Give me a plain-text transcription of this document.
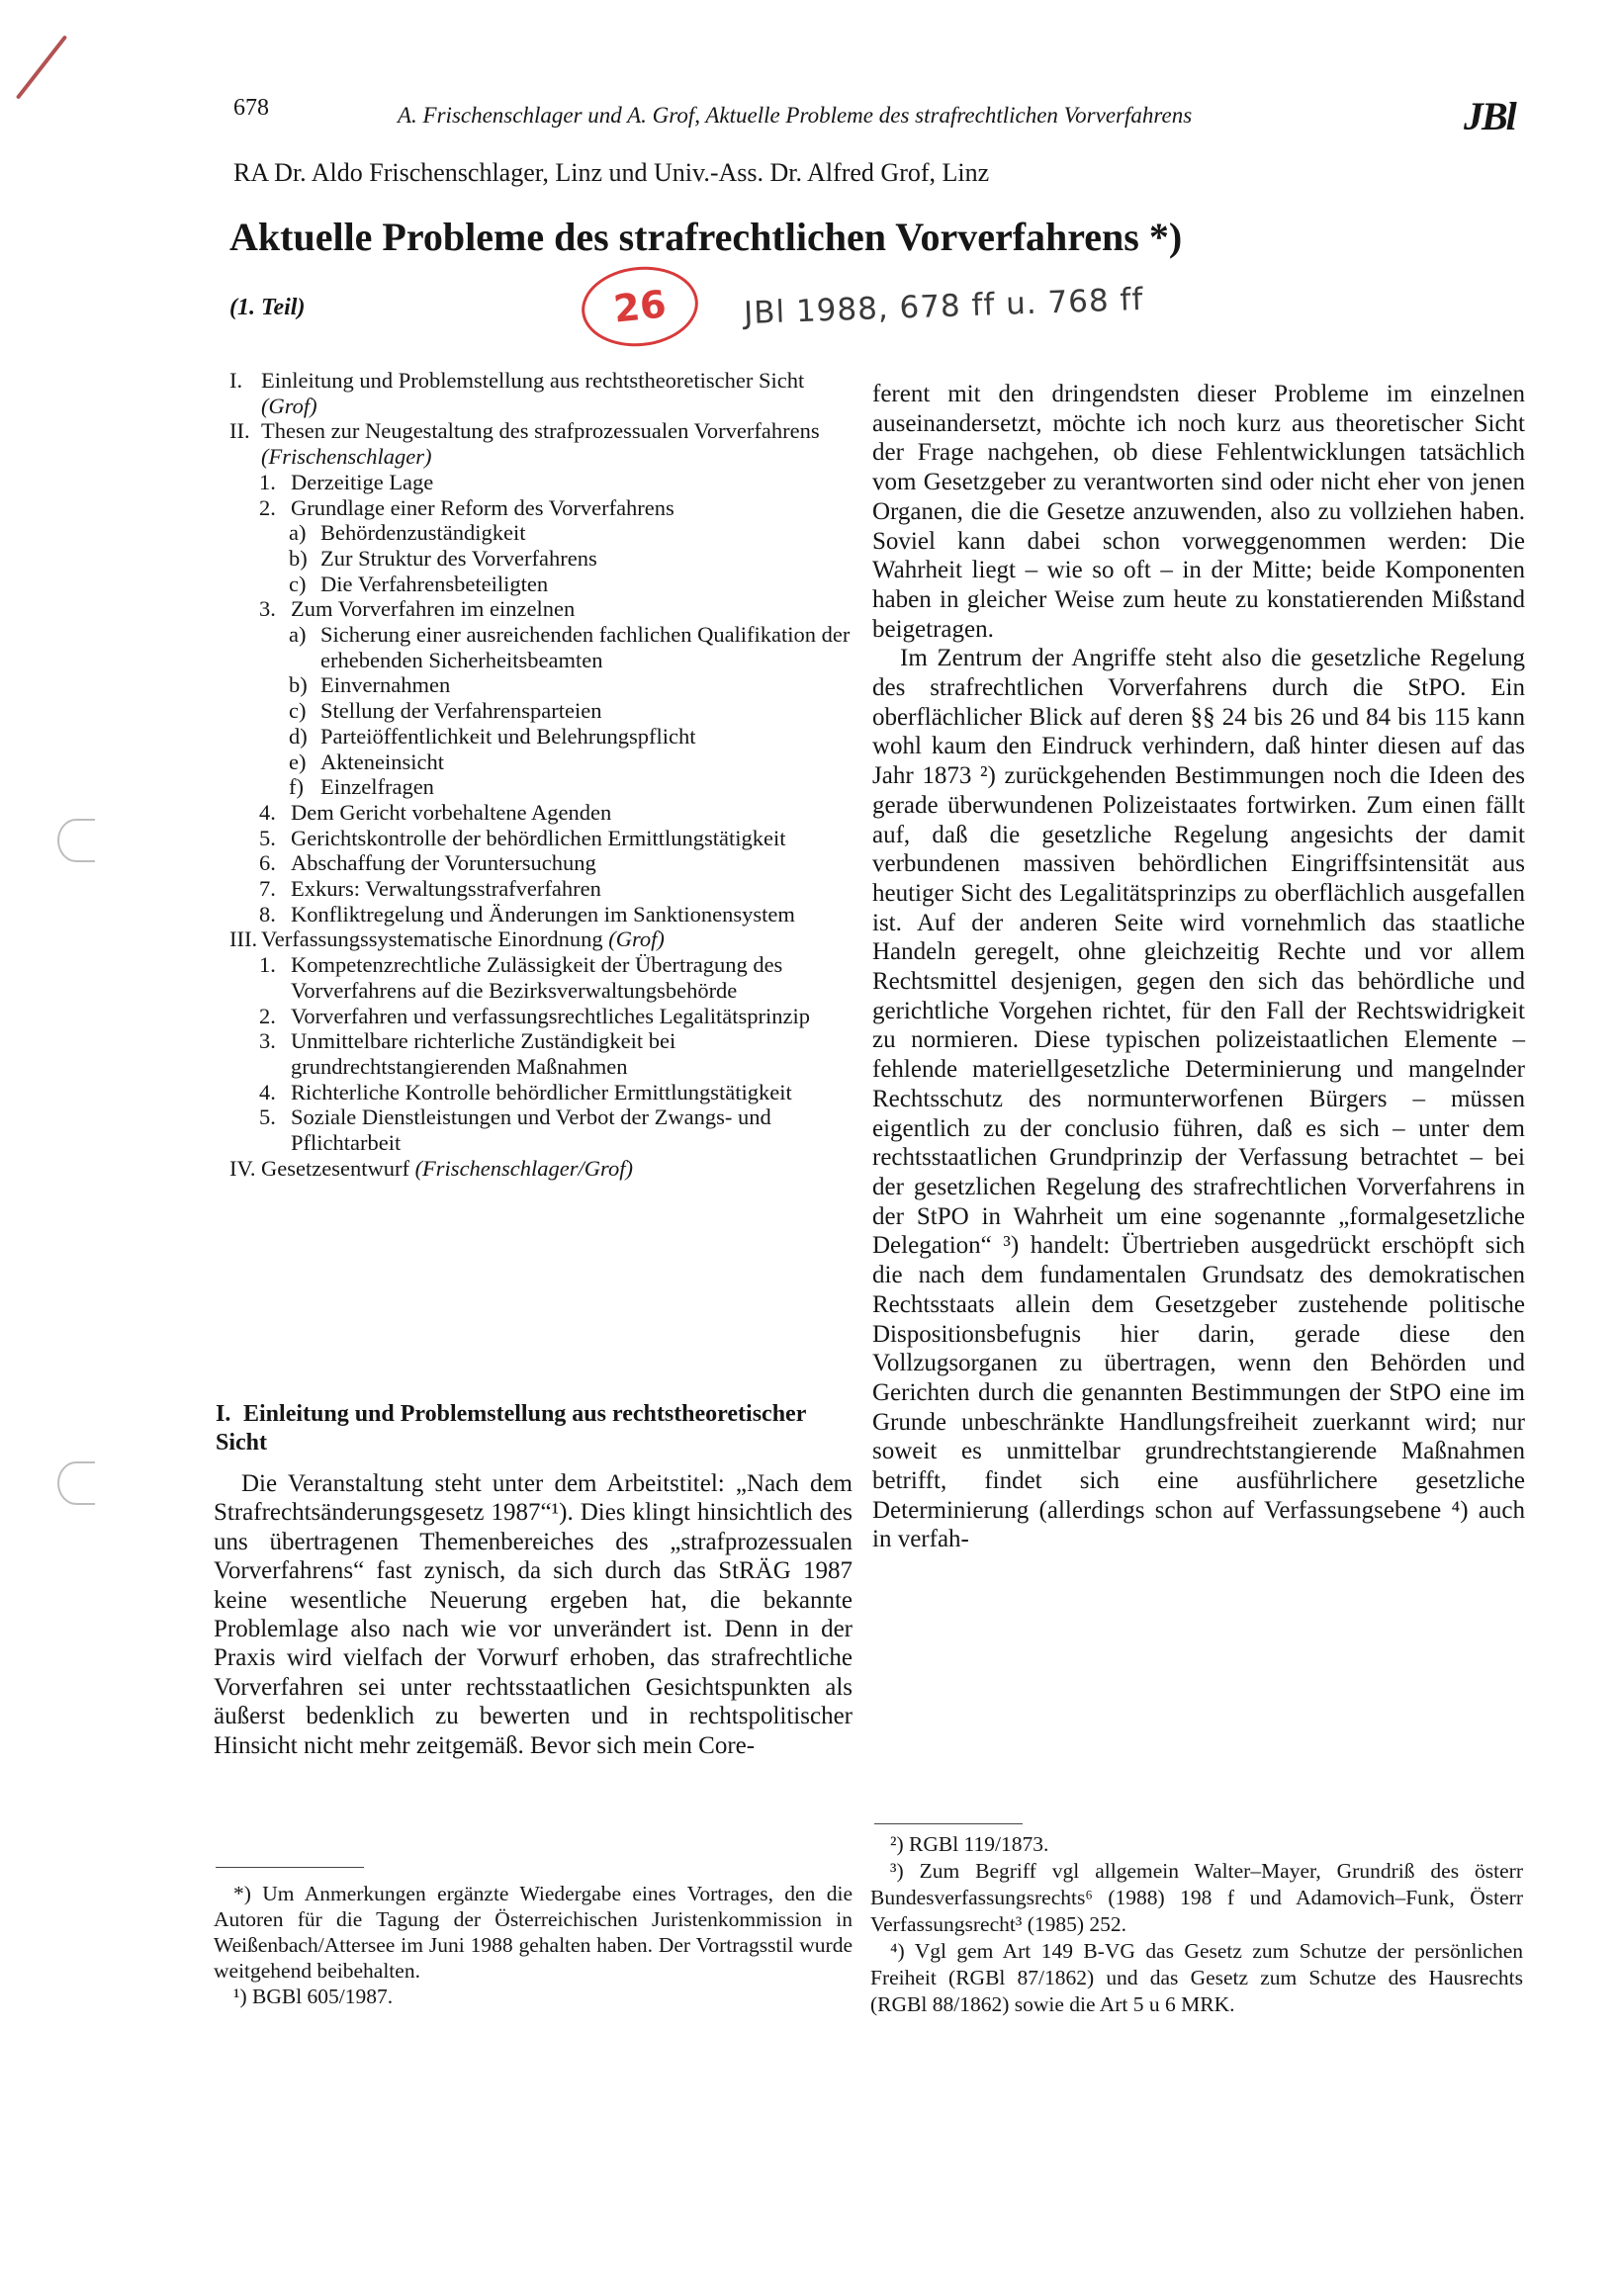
678	A. Frischenschlager und A. Grof, Aktuelle Probleme des strafrechtlichen Vorverfahrens	JBl
RA Dr. Aldo Frischenschlager, Linz und Univ.-Ass. Dr. Alfred Grof, Linz
Aktuelle Probleme des strafrechtlichen Vorverfahrens *)
(1. Teil)	26	JBl 1988, 678 ff u. 768 ff
I. Einleitung und Problemstellung aus rechtstheoretischer Sicht (Grof)
II. Thesen zur Neugestaltung des strafprozessualen Vorverfahrens (Frischenschlager)
1. Derzeitige Lage
2. Grundlage einer Reform des Vorverfahrens
a) Behördenzuständigkeit
b) Zur Struktur des Vorverfahrens
c) Die Verfahrensbeteiligten
3. Zum Vorverfahren im einzelnen
a) Sicherung einer ausreichenden fachlichen Qualifikation der erhebenden Sicherheitsbeamten
b) Einvernahmen
c) Stellung der Verfahrensparteien
d) Parteiöffentlichkeit und Belehrungspflicht
e) Akteneinsicht
f) Einzelfragen
4. Dem Gericht vorbehaltene Agenden
5. Gerichtskontrolle der behördlichen Ermittlungstätigkeit
6. Abschaffung der Voruntersuchung
7. Exkurs: Verwaltungsstrafverfahren
8. Konfliktregelung und Änderungen im Sanktionensystem
III. Verfassungssystematische Einordnung (Grof)
1. Kompetenzrechtliche Zulässigkeit der Übertragung des Vorverfahrens auf die Bezirksverwaltungsbehörde
2. Vorverfahren und verfassungsrechtliches Legalitätsprinzip
3. Unmittelbare richterliche Zuständigkeit bei grundrechtstangierenden Maßnahmen
4. Richterliche Kontrolle behördlicher Ermittlungstätigkeit
5. Soziale Dienstleistungen und Verbot der Zwangs- und Pflichtarbeit
IV. Gesetzesentwurf (Frischenschlager/Grof)
I. Einleitung und Problemstellung aus rechtstheoretischer Sicht

Die Veranstaltung steht unter dem Arbeitstitel: „Nach dem Strafrechtsänderungsgesetz 1987“¹). Dies klingt hinsichtlich des uns übertragenen Themenbereiches des „strafprozessualen Vorverfahrens“ fast zynisch, da sich durch das StRÄG 1987 keine wesentliche Neuerung ergeben hat, die bekannte Problemlage also nach wie vor unverändert ist. Denn in der Praxis wird vielfach der Vorwurf erhoben, das strafrechtliche Vorverfahren sei unter rechtsstaatlichen Gesichtspunkten als äußerst bedenklich zu bewerten und in rechtspolitischer Hinsicht nicht mehr zeitgemäß. Bevor sich mein Core-

*) Um Anmerkungen ergänzte Wiedergabe eines Vortrages, den die Autoren für die Tagung der Österreichischen Juristenkommission in Weißenbach/Attersee im Juni 1988 gehalten haben. Der Vortragsstil wurde weitgehend beibehalten.

¹) BGBl 605/1987.

ferent mit den dringendsten dieser Probleme im einzelnen auseinandersetzt, möchte ich noch kurz aus theoretischer Sicht der Frage nachgehen, ob diese Fehlentwicklungen tatsächlich vom Gesetzgeber zu verantworten sind oder nicht eher von jenen Organen, die die Gesetze anzuwenden, also zu vollziehen haben. Soviel kann dabei schon vorweggenommen werden: Die Wahrheit liegt – wie so oft – in der Mitte; beide Komponenten haben in gleicher Weise zum heute zu konstatierenden Mißstand beigetragen.

Im Zentrum der Angriffe steht also die gesetzliche Regelung des strafrechtlichen Vorverfahrens durch die StPO. Ein oberflächlicher Blick auf deren §§ 24 bis 26 und 84 bis 115 kann wohl kaum den Eindruck verhindern, daß hinter diesen auf das Jahr 1873 ²) zurückgehenden Bestimmungen noch die Ideen des gerade überwundenen Polizeistaates fortwirken. Zum einen fällt auf, daß die gesetzliche Regelung angesichts der damit verbundenen massiven behördlichen Eingriffsintensität aus heutiger Sicht des Legalitätsprinzips zu oberflächlich ausgefallen ist. Auf der anderen Seite wird vornehmlich das staatliche Handeln geregelt, ohne gleichzeitig Rechte und vor allem Rechtsmittel desjenigen, gegen den sich das behördliche und gerichtliche Vorgehen richtet, für den Fall der Rechtswidrigkeit zu normieren. Diese typischen polizeistaatlichen Elemente – fehlende materiellgesetzliche Determinierung und mangelnder Rechtsschutz des normunterworfenen Bürgers – müssen eigentlich zu der conclusio führen, daß es sich – unter dem rechtsstaatlichen Grundprinzip der Verfassung betrachtet – bei der gesetzlichen Regelung des strafrechtlichen Vorverfahrens in der StPO in Wahrheit um eine sogenannte „formalgesetzliche Delegation“ ³) handelt: Übertrieben ausgedrückt erschöpft sich die nach dem fundamentalen Grundsatz des demokratischen Rechtsstaats allein dem Gesetzgeber zustehende politische Dispositionsbefugnis hier darin, gerade diese den Vollzugsorganen zu übertragen, wenn den Behörden und Gerichten durch die genannten Bestimmungen der StPO eine im Grunde unbeschränkte Handlungsfreiheit zuerkannt wird; nur soweit es unmittelbar grundrechtstangierende Maßnahmen betrifft, findet sich eine ausführlichere gesetzliche Determinierung (allerdings schon auf Verfassungsebene ⁴) auch in verfah-

²) RGBl 119/1873.

³) Zum Begriff vgl allgemein Walter–Mayer, Grundriß des österr Bundesverfassungsrechts⁶ (1988) 198 f und Adamovich–Funk, Österr Verfassungsrecht³ (1985) 252.

⁴) Vgl gem Art 149 B-VG das Gesetz zum Schutze der persönlichen Freiheit (RGBl 87/1862) und das Gesetz zum Schutze des Hausrechts (RGBl 88/1862) sowie die Art 5 u 6 MRK.
